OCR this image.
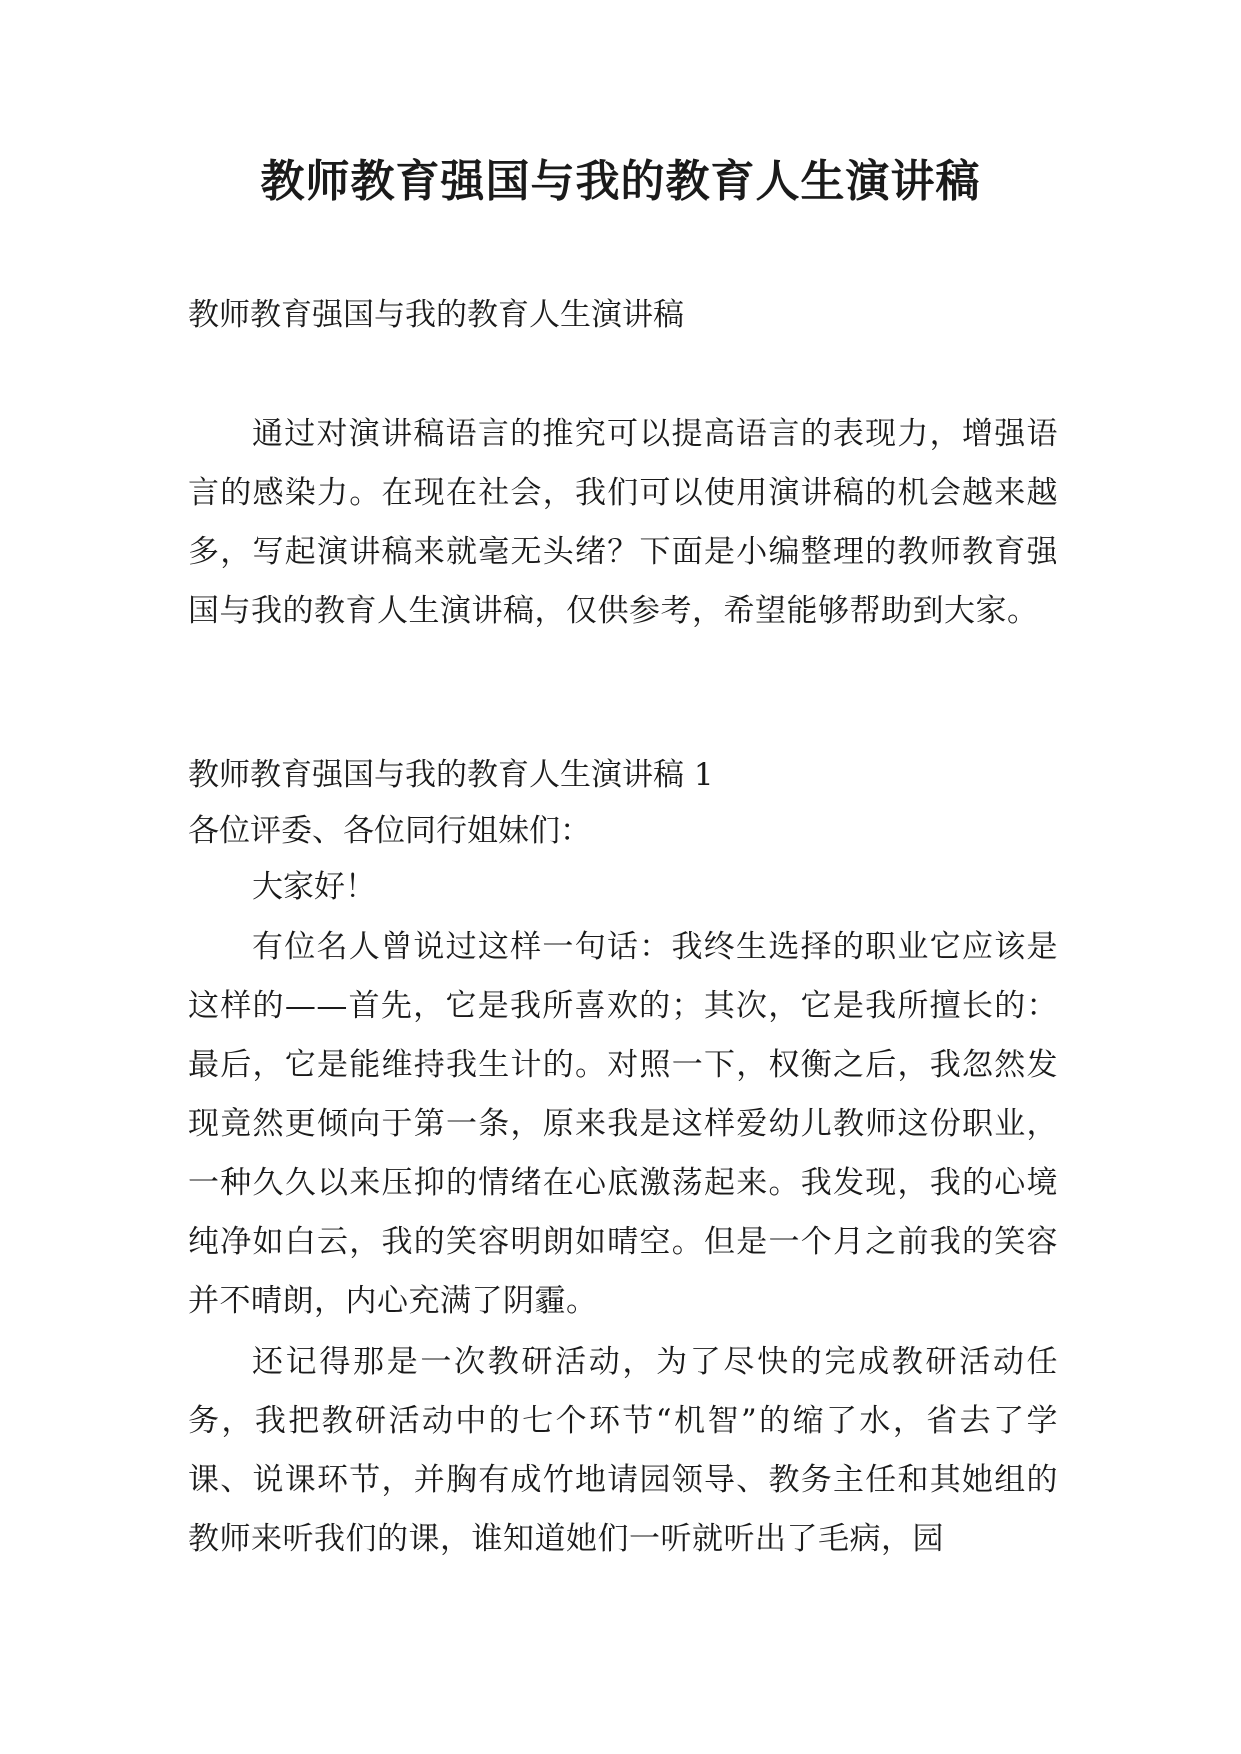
教师教育强国与我的教育人生演讲稿
教师教育强国与我的教育人生演讲稿
通过对演讲稿语言的推究可以提高语言的表现力，增强语言的感染力。在现在社会，我们可以使用演讲稿的机会越来越多，写起演讲稿来就毫无头绪？下面是小编整理的教师教育强国与我的教育人生演讲稿，仅供参考，希望能够帮助到大家。
教师教育强国与我的教育人生演讲稿 1
各位评委、各位同行姐妹们：
大家好！
有位名人曾说过这样一句话：我终生选择的职业它应该是这样的——首先，它是我所喜欢的；其次，它是我所擅长的：最后，它是能维持我生计的。对照一下，权衡之后，我忽然发现竟然更倾向于第一条，原来我是这样爱幼儿教师这份职业，一种久久以来压抑的情绪在心底激荡起来。我发现，我的心境纯净如白云，我的笑容明朗如晴空。但是一个月之前我的笑容并不晴朗，内心充满了阴霾。
还记得那是一次教研活动，为了尽快的完成教研活动任务，我把教研活动中的七个环节“机智”的缩了水，省去了学课、说课环节，并胸有成竹地请园领导、教务主任和其她组的教师来听我们的课，谁知道她们一听就听出了毛病，园
